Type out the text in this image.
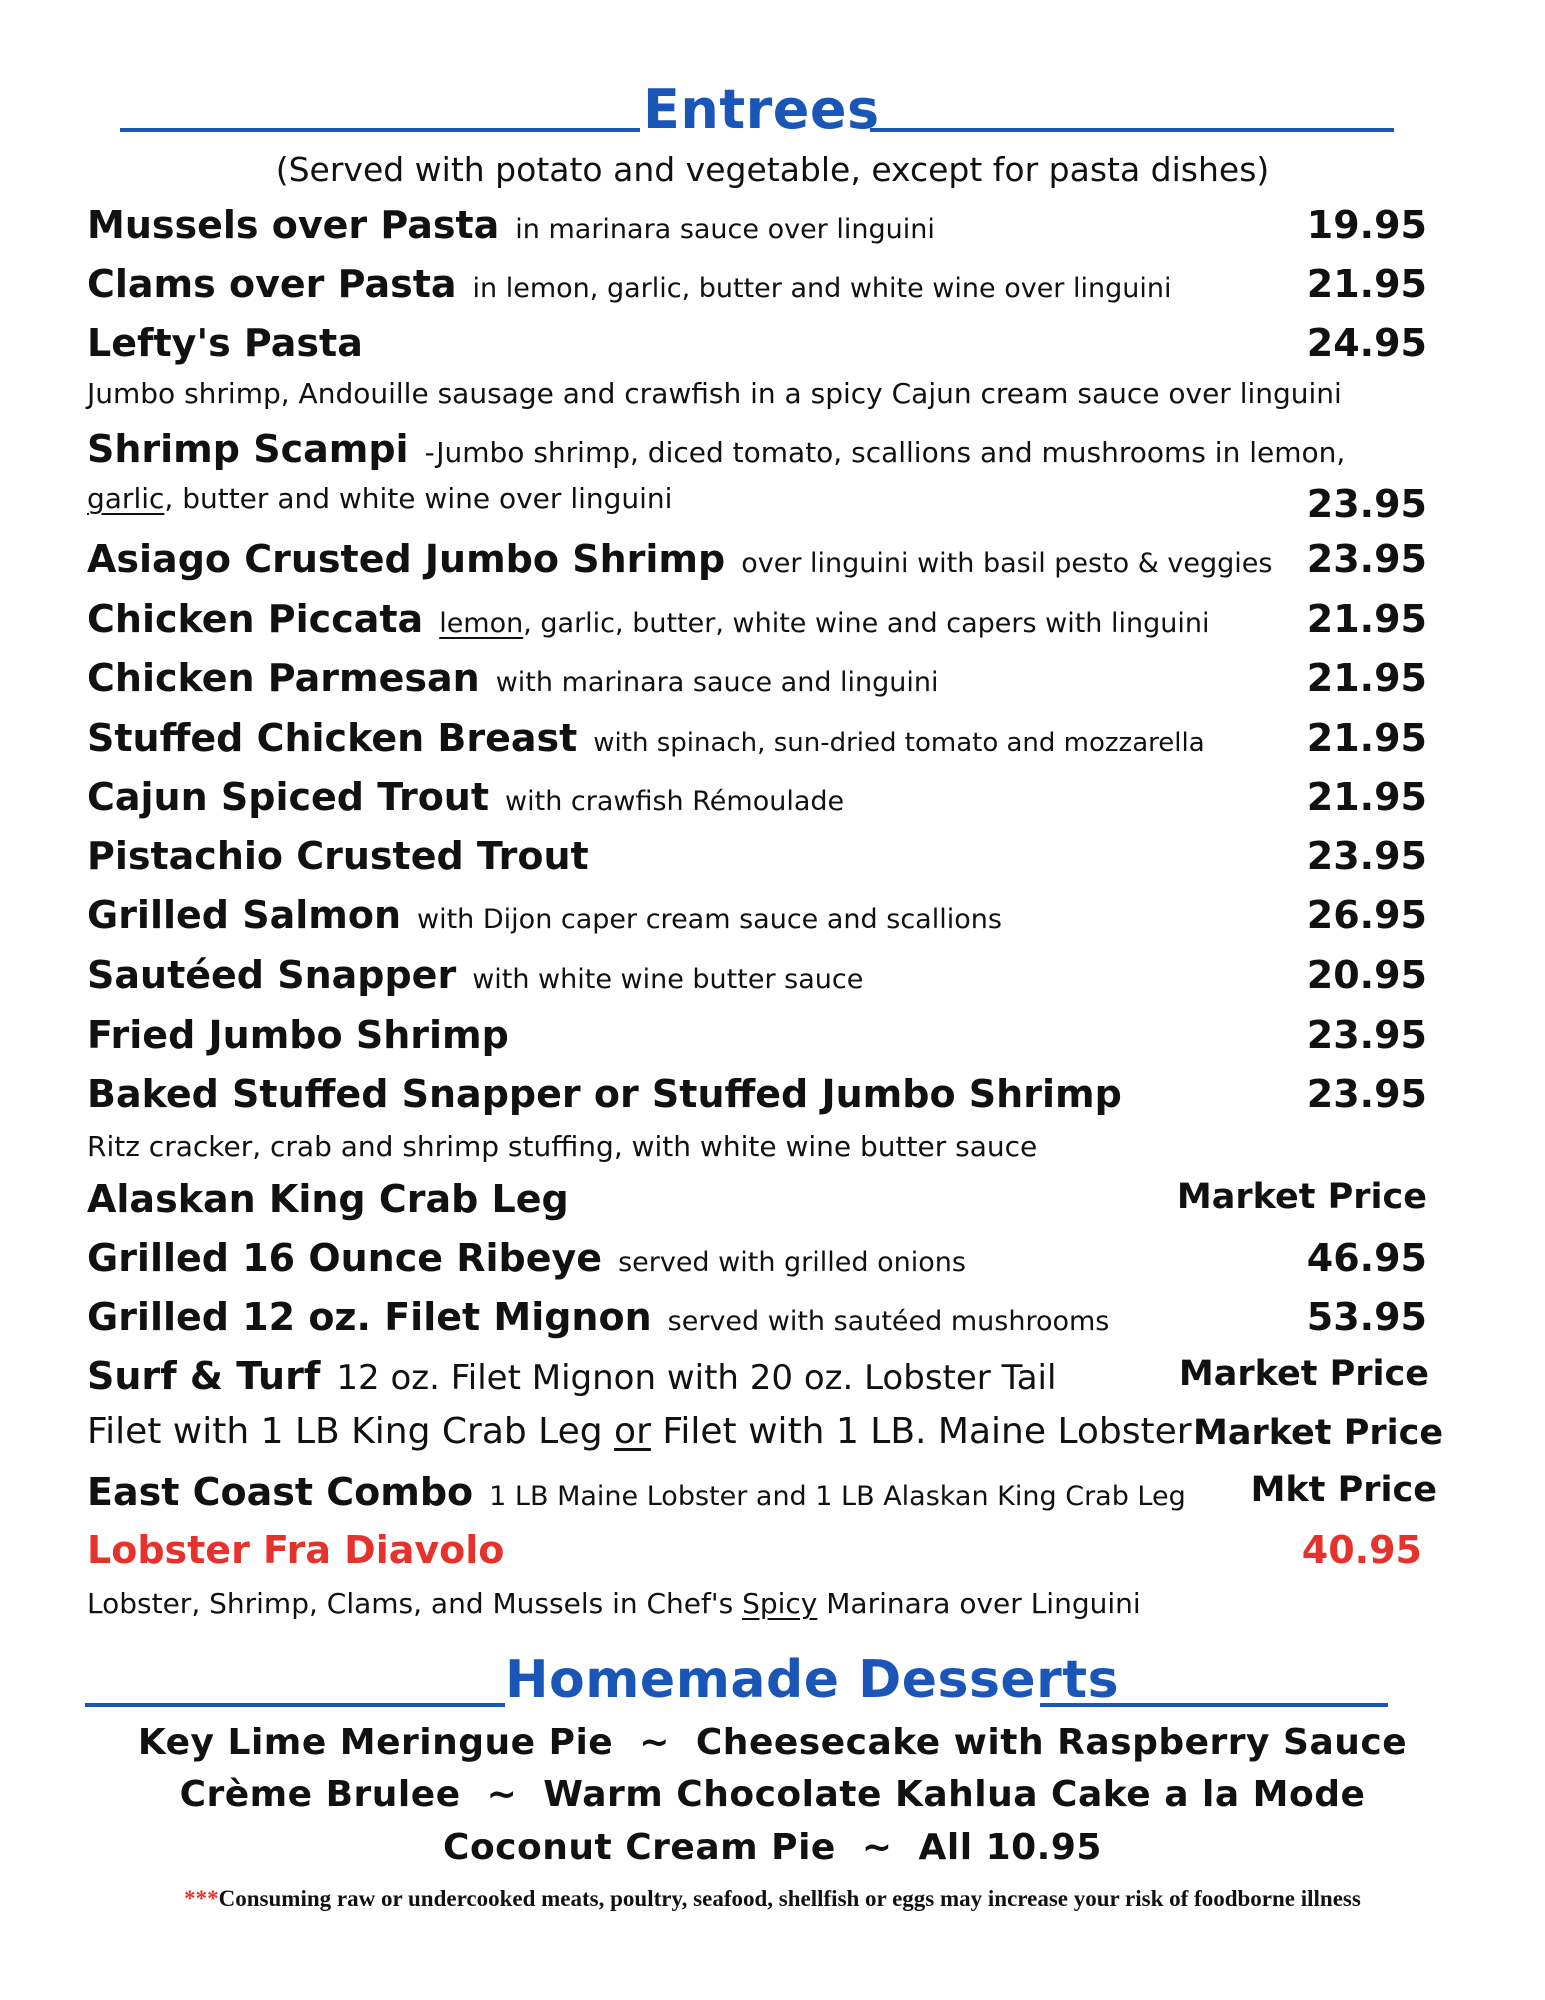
Entrees
(Served with potato and vegetable, except for pasta dishes)
Mussels over Pasta in marinara sauce over linguini	19.95
Clams over Pasta in lemon, garlic, butter and white wine over linguini	21.95
Lefty's Pasta	24.95
Jumbo shrimp, Andouille sausage and crawfish in a spicy Cajun cream sauce over linguini
Shrimp Scampi -Jumbo shrimp, diced tomato, scallions and mushrooms in lemon,
garlic, butter and white wine over linguini	23.95
Asiago Crusted Jumbo Shrimp over linguini with basil pesto & veggies 23.95
Chicken Piccata lemon, garlic, butter, white wine and capers with linguini	21.95
Chicken Parmesan with marinara sauce and linguini	21.95
Stuffed Chicken Breast with spinach, sun-dried tomato and mozzarella	21.95
Cajun Spiced Trout with crawfish Rémoulade	21.95
Pistachio Crusted Trout	23.95
Grilled Salmon with Dijon caper cream sauce and scallions	26.95
Sautéed Snapper with white wine butter sauce	20.95
Fried Jumbo Shrimp	23.95
Baked Stuffed Snapper or Stuffed Jumbo Shrimp	23.95
Ritz cracker, crab and shrimp stuffing, with white wine butter sauce
Alaskan King Crab Leg	Market Price
Grilled 16 Ounce Ribeye served with grilled onions	46.95
Grilled 12 oz. Filet Mignon served with sautéed mushrooms	53.95
Surf & Turf 12 oz. Filet Mignon with 20 oz. Lobster Tail	Market Price
Filet with 1 LB King Crab Leg or Filet with 1 LB. Maine Lobster Market Price
East Coast Combo 1 LB Maine Lobster and 1 LB Alaskan King Crab Leg Mkt Price
Lobster Fra Diavolo	40.95
Lobster, Shrimp, Clams, and Mussels in Chef's Spicy Marinara over Linguini
Homemade Desserts
Key Lime Meringue Pie ~ Cheesecake with Raspberry Sauce
Crème Brulee ~ Warm Chocolate Kahlua Cake a la Mode
Coconut Cream Pie ~ All 10.95
***Consuming raw or undercooked meats, poultry, seafood, shellfish or eggs may increase your risk of foodborne illness
